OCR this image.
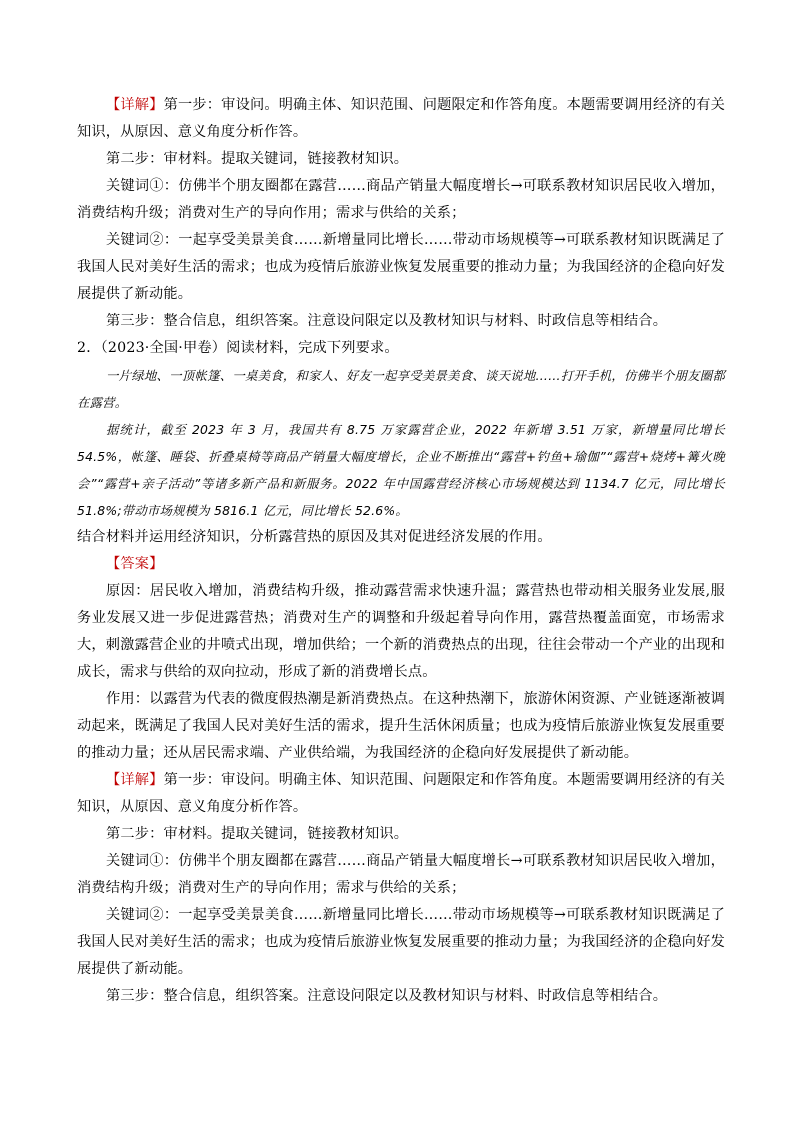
【详解】第一步：审设问。明确主体、知识范围、问题限定和作答角度。本题需要调用经济的有关知识，从原因、意义角度分析作答。

第二步：审材料。提取关键词，链接教材知识。

关键词①：仿佛半个朋友圈都在露营……商品产销量大幅度增长→可联系教材知识居民收入增加，消费结构升级；消费对生产的导向作用；需求与供给的关系；

关键词②：一起享受美景美食……新增量同比增长……带动市场规模等→可联系教材知识既满足了我国人民对美好生活的需求；也成为疫情后旅游业恢复发展重要的推动力量；为我国经济的企稳向好发展提供了新动能。

第三步：整合信息，组织答案。注意设问限定以及教材知识与材料、时政信息等相结合。

2．（2023·全国·甲卷）阅读材料，完成下列要求。

一片绿地、一顶帐篷、一桌美食，和家人、好友一起享受美景美食、谈天说地……打开手机，仿佛半个朋友圈都在露营。

据统计，截至 2023 年 3 月，我国共有 8.75 万家露营企业，2022 年新增 3.51 万家，新增量同比增长 54.5%，帐篷、睡袋、折叠桌椅等商品产销量大幅度增长，企业不断推出“露营+钓鱼+瑜伽”“露营+烧烤+篝火晚会”“露营+亲子活动”等诸多新产品和新服务。2022 年中国露营经济核心市场规模达到 1134.7 亿元，同比增长 51.8%;带动市场规模为 5816.1 亿元，同比增长 52.6%。

结合材料并运用经济知识，分析露营热的原因及其对促进经济发展的作用。

【答案】

原因：居民收入增加，消费结构升级，推动露营需求快速升温；露营热也带动相关服务业发展,服务业发展又进一步促进露营热；消费对生产的调整和升级起着导向作用，露营热覆盖面宽，市场需求大，刺激露营企业的井喷式出现，增加供给；一个新的消费热点的出现，往往会带动一个产业的出现和成长，需求与供给的双向拉动，形成了新的消费增长点。

作用：以露营为代表的微度假热潮是新消费热点。在这种热潮下，旅游休闲资源、产业链逐渐被调动起来，既满足了我国人民对美好生活的需求，提升生活休闲质量；也成为疫情后旅游业恢复发展重要的推动力量；还从居民需求端、产业供给端，为我国经济的企稳向好发展提供了新动能。

【详解】第一步：审设问。明确主体、知识范围、问题限定和作答角度。本题需要调用经济的有关知识，从原因、意义角度分析作答。

第二步：审材料。提取关键词，链接教材知识。

关键词①：仿佛半个朋友圈都在露营……商品产销量大幅度增长→可联系教材知识居民收入增加，消费结构升级；消费对生产的导向作用；需求与供给的关系；

关键词②：一起享受美景美食……新增量同比增长……带动市场规模等→可联系教材知识既满足了我国人民对美好生活的需求；也成为疫情后旅游业恢复发展重要的推动力量；为我国经济的企稳向好发展提供了新动能。

第三步：整合信息，组织答案。注意设问限定以及教材知识与材料、时政信息等相结合。
